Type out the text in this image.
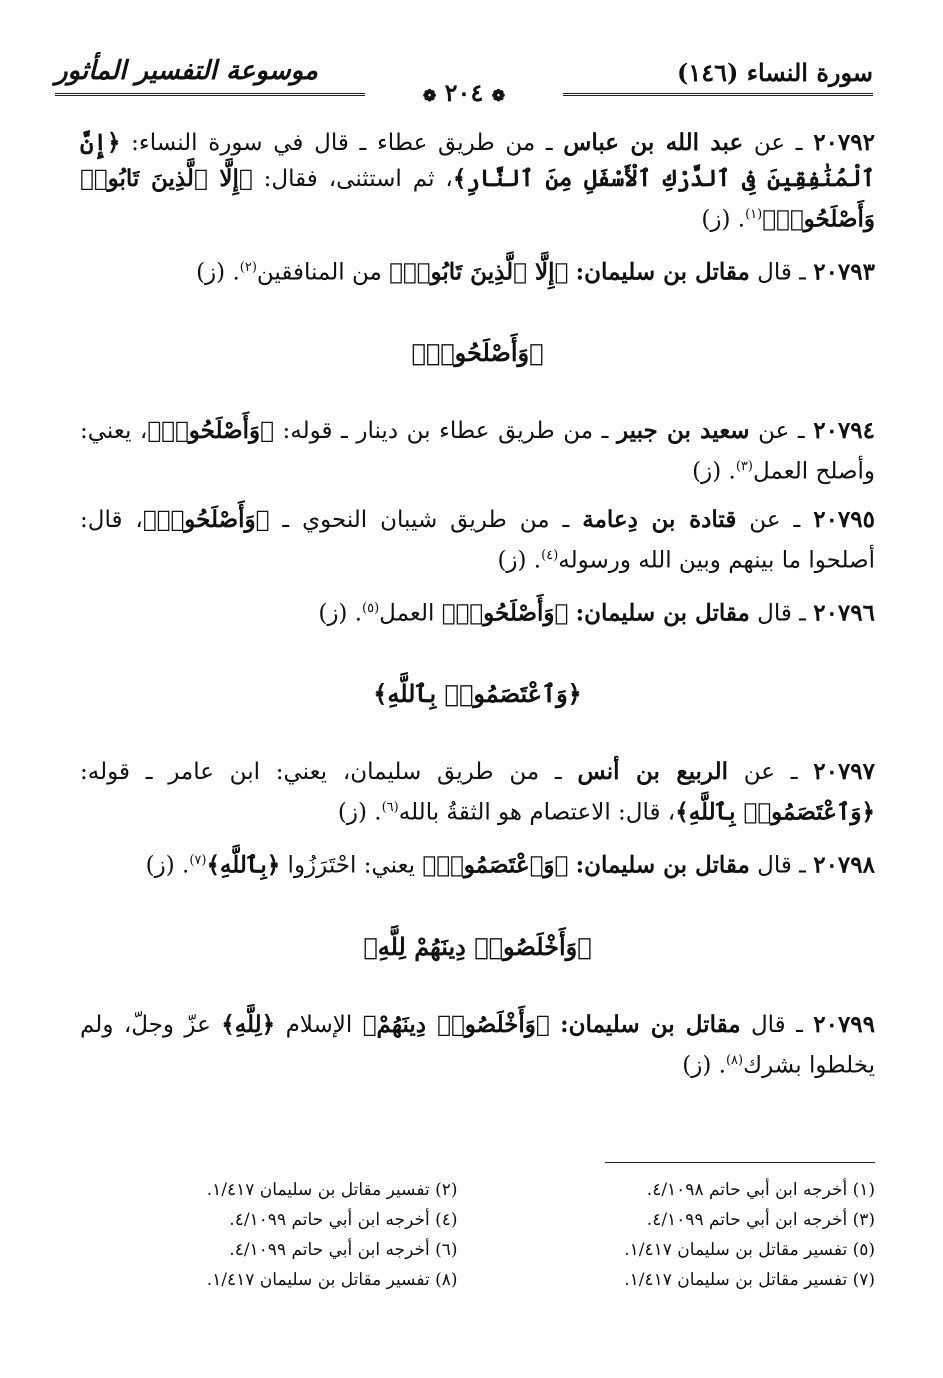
سورة النساء (١٤٦)
❁ ٢٠٤ ❁
موسوعة التفسير المأثور

٢٠٧٩٢ ـ عن عبد الله بن عباس ـ من طريق عطاء ـ قال في سورة النساء: ﴿إِنَّ ٱلْمُنَٰفِقِينَ فِى ٱلدَّرْكِ ٱلْأَسْفَلِ مِنَ ٱلنَّارِ﴾، ثم استثنى، فقال: ﴿إِلَّا ٱلَّذِينَ تَابُوا۟ وَأَصْلَحُوا۟﴾$^{(١)}$. (ز)

٢٠٧٩٣ ـ قال مقاتل بن سليمان: ﴿إِلَّا ٱلَّذِينَ تَابُوا۟﴾ من المنافقين$^{(٢)}$. (ز)

﴿وَأَصْلَحُوا۟﴾

٢٠٧٩٤ ـ عن سعيد بن جبير ـ من طريق عطاء بن دينار ـ قوله: ﴿وَأَصْلَحُوا۟﴾، يعني: وأصلح العمل$^{(٣)}$. (ز)

٢٠٧٩٥ ـ عن قتادة بن دِعامة ـ من طريق شيبان النحوي ـ ﴿وَأَصْلَحُوا۟﴾، قال: أصلحوا ما بينهم وبين الله ورسوله$^{(٤)}$. (ز)

٢٠٧٩٦ ـ قال مقاتل بن سليمان: ﴿وَأَصْلَحُوا۟﴾ العمل$^{(٥)}$. (ز)

﴿وَٱعْتَصَمُوا۟ بِٱللَّهِ﴾

٢٠٧٩٧ ـ عن الربيع بن أنس ـ من طريق سليمان، يعني: ابن عامر ـ قوله: ﴿وَٱعْتَصَمُوا۟ بِٱللَّهِ﴾، قال: الاعتصام هو الثقةُ بالله$^{(٦)}$. (ز)

٢٠٧٩٨ ـ قال مقاتل بن سليمان: ﴿وَٱعْتَصَمُوا۟﴾ يعني: احْتَرَزُوا ﴿بِٱللَّهِ﴾$^{(٧)}$. (ز)

﴿وَأَخْلَصُوا۟ دِينَهُمْ لِلَّهِ﴾

٢٠٧٩٩ ـ قال مقاتل بن سليمان: ﴿وَأَخْلَصُوا۟ دِينَهُمْ﴾ الإسلام ﴿لِلَّهِ﴾ عزّ وجلّ، ولم يخلطوا بشرك$^{(٨)}$. (ز)

(١) أخرجه ابن أبي حاتم ٤/١٠٩٨.
(٢) تفسير مقاتل بن سليمان ١/٤١٧.
(٣) أخرجه ابن أبي حاتم ٤/١٠٩٩.
(٤) أخرجه ابن أبي حاتم ٤/١٠٩٩.
(٥) تفسير مقاتل بن سليمان ١/٤١٧.
(٦) أخرجه ابن أبي حاتم ٤/١٠٩٩.
(٧) تفسير مقاتل بن سليمان ١/٤١٧.
(٨) تفسير مقاتل بن سليمان ١/٤١٧.
